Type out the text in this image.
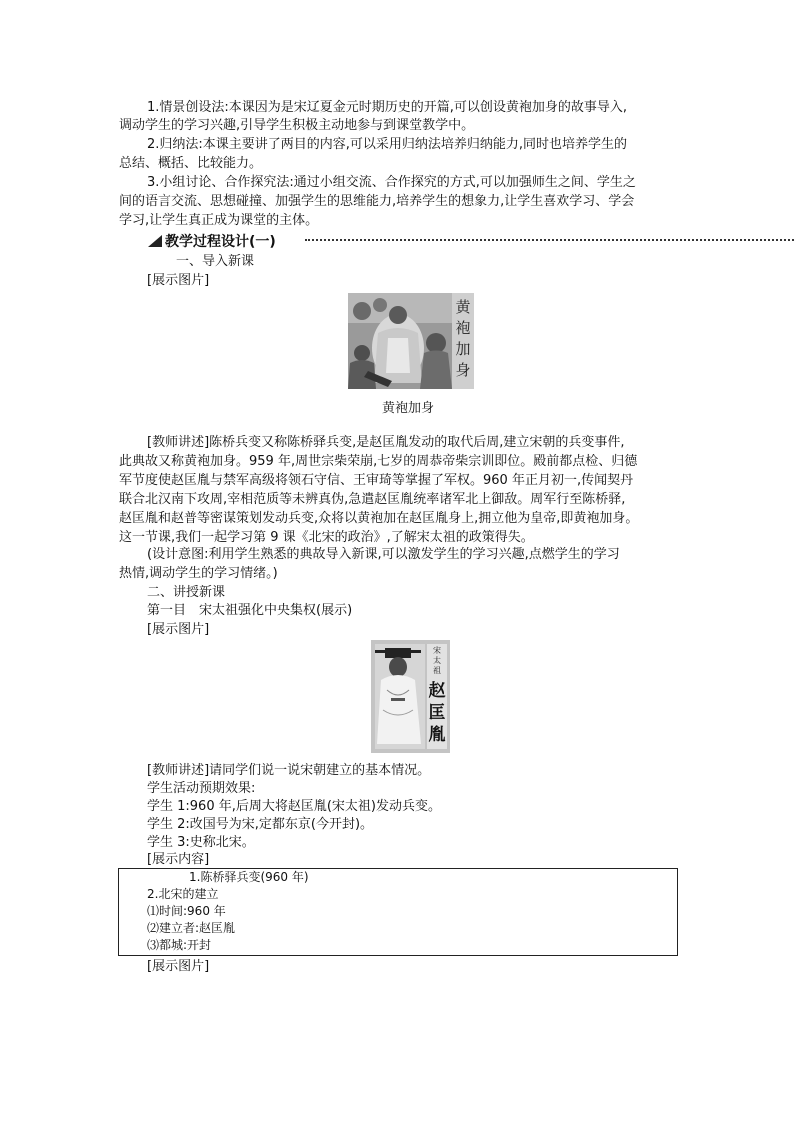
1.情景创设法:本课因为是宋辽夏金元时期历史的开篇,可以创设黄袍加身的故事导入,
调动学生的学习兴趣,引导学生积极主动地参与到课堂教学中。
2.归纳法:本课主要讲了两目的内容,可以采用归纳法培养归纳能力,同时也培养学生的
总结、概括、比较能力。
3.小组讨论、合作探究法:通过小组交流、合作探究的方式,可以加强师生之间、学生之
间的语言交流、思想碰撞、加强学生的思维能力,培养学生的想象力,让学生喜欢学习、学会
学习,让学生真正成为课堂的主体。
教学过程设计(一)
一、导入新课
[展示图片]
黄袍加身
黄袍加身
[教师讲述]陈桥兵变又称陈桥驿兵变,是赵匡胤发动的取代后周,建立宋朝的兵变事件,
此典故又称黄袍加身。959 年,周世宗柴荣崩,七岁的周恭帝柴宗训即位。殿前都点检、归德
军节度使赵匡胤与禁军高级将领石守信、王审琦等掌握了军权。960 年正月初一,传闻契丹
联合北汉南下攻周,宰相范质等未辨真伪,急遣赵匡胤统率诸军北上御敌。周军行至陈桥驿,
赵匡胤和赵普等密谋策划发动兵变,众将以黄袍加在赵匡胤身上,拥立他为皇帝,即黄袍加身。
这一节课,我们一起学习第 9 课《北宋的政治》,了解宋太祖的政策得失。
(设计意图:利用学生熟悉的典故导入新课,可以激发学生的学习兴趣,点燃学生的学习
热情,调动学生的学习情绪。)
二、讲授新课
第一目　宋太祖强化中央集权(展示)
[展示图片]
宋太祖
赵匡胤
[教师讲述]请同学们说一说宋朝建立的基本情况。
学生活动预期效果:
学生 1:960 年,后周大将赵匡胤(宋太祖)发动兵变。
学生 2:改国号为宋,定都东京(今开封)。
学生 3:史称北宋。
[展示内容]
1.陈桥驿兵变(960 年)
2.北宋的建立
⑴时间:960 年
⑵建立者:赵匡胤
⑶都城:开封
[展示图片]
